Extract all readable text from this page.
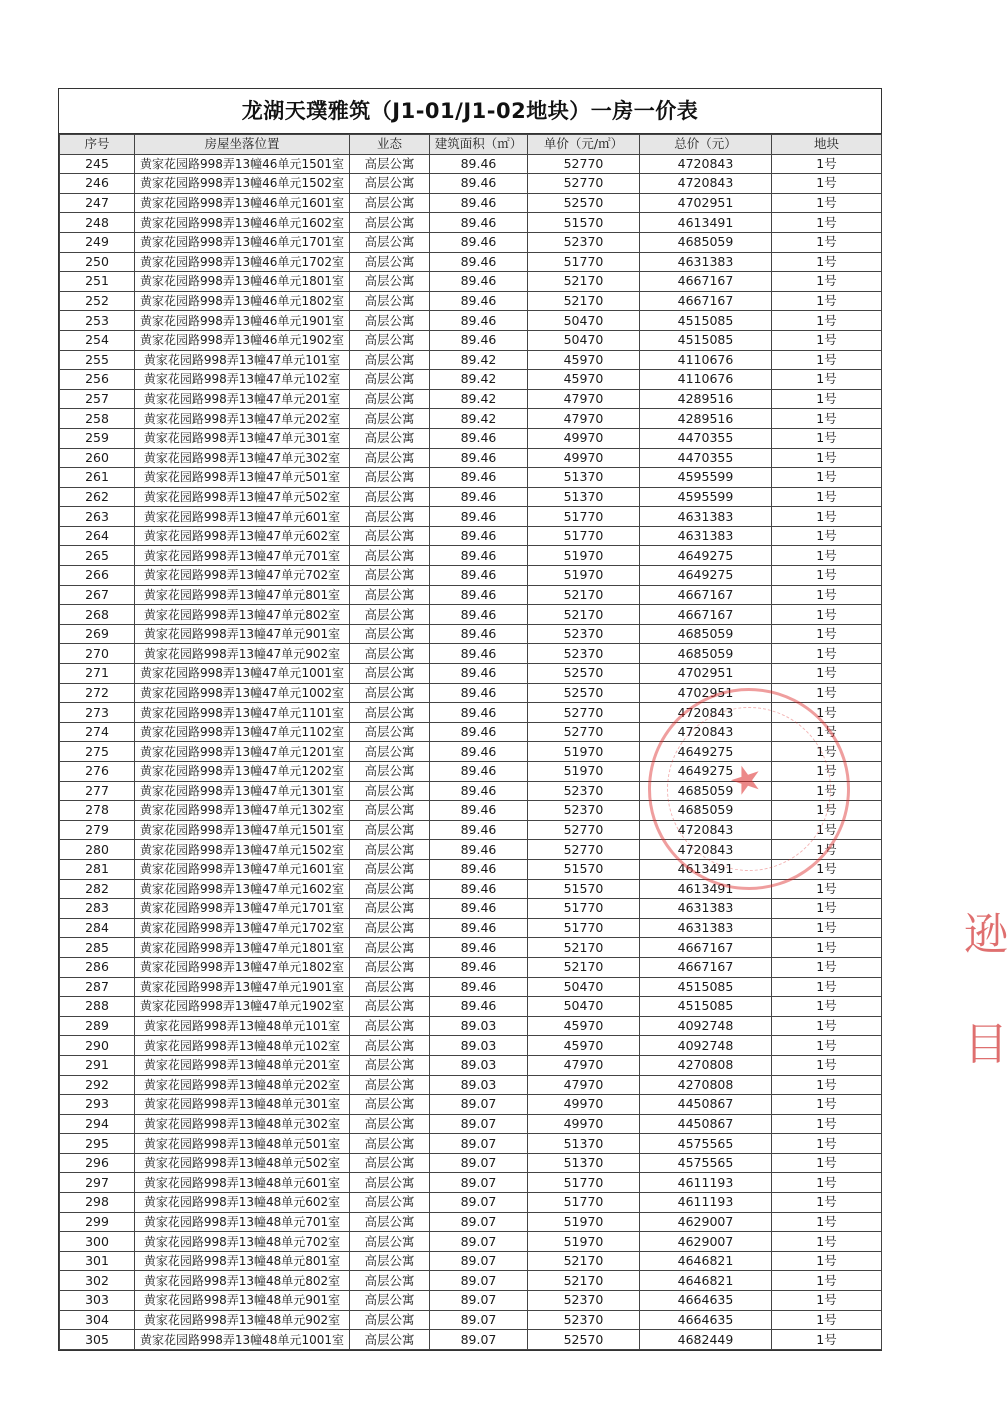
龙湖天璞雅筑（J1-01/J1-02地块）一房一价表
序号	房屋坐落位置	业态	建筑面积（㎡）	单价（元/㎡）	总价（元）	地块
245	黄家花园路998弄13幢46单元1501室	高层公寓	89.46	52770	4720843	1号
246	黄家花园路998弄13幢46单元1502室	高层公寓	89.46	52770	4720843	1号
247	黄家花园路998弄13幢46单元1601室	高层公寓	89.46	52570	4702951	1号
248	黄家花园路998弄13幢46单元1602室	高层公寓	89.46	51570	4613491	1号
249	黄家花园路998弄13幢46单元1701室	高层公寓	89.46	52370	4685059	1号
250	黄家花园路998弄13幢46单元1702室	高层公寓	89.46	51770	4631383	1号
251	黄家花园路998弄13幢46单元1801室	高层公寓	89.46	52170	4667167	1号
252	黄家花园路998弄13幢46单元1802室	高层公寓	89.46	52170	4667167	1号
253	黄家花园路998弄13幢46单元1901室	高层公寓	89.46	50470	4515085	1号
254	黄家花园路998弄13幢46单元1902室	高层公寓	89.46	50470	4515085	1号
255	黄家花园路998弄13幢47单元101室	高层公寓	89.42	45970	4110676	1号
256	黄家花园路998弄13幢47单元102室	高层公寓	89.42	45970	4110676	1号
257	黄家花园路998弄13幢47单元201室	高层公寓	89.42	47970	4289516	1号
258	黄家花园路998弄13幢47单元202室	高层公寓	89.42	47970	4289516	1号
259	黄家花园路998弄13幢47单元301室	高层公寓	89.46	49970	4470355	1号
260	黄家花园路998弄13幢47单元302室	高层公寓	89.46	49970	4470355	1号
261	黄家花园路998弄13幢47单元501室	高层公寓	89.46	51370	4595599	1号
262	黄家花园路998弄13幢47单元502室	高层公寓	89.46	51370	4595599	1号
263	黄家花园路998弄13幢47单元601室	高层公寓	89.46	51770	4631383	1号
264	黄家花园路998弄13幢47单元602室	高层公寓	89.46	51770	4631383	1号
265	黄家花园路998弄13幢47单元701室	高层公寓	89.46	51970	4649275	1号
266	黄家花园路998弄13幢47单元702室	高层公寓	89.46	51970	4649275	1号
267	黄家花园路998弄13幢47单元801室	高层公寓	89.46	52170	4667167	1号
268	黄家花园路998弄13幢47单元802室	高层公寓	89.46	52170	4667167	1号
269	黄家花园路998弄13幢47单元901室	高层公寓	89.46	52370	4685059	1号
270	黄家花园路998弄13幢47单元902室	高层公寓	89.46	52370	4685059	1号
271	黄家花园路998弄13幢47单元1001室	高层公寓	89.46	52570	4702951	1号
272	黄家花园路998弄13幢47单元1002室	高层公寓	89.46	52570	4702951	1号
273	黄家花园路998弄13幢47单元1101室	高层公寓	89.46	52770	4720843	1号
274	黄家花园路998弄13幢47单元1102室	高层公寓	89.46	52770	4720843	1号
275	黄家花园路998弄13幢47单元1201室	高层公寓	89.46	51970	4649275	1号
276	黄家花园路998弄13幢47单元1202室	高层公寓	89.46	51970	4649275	1号
277	黄家花园路998弄13幢47单元1301室	高层公寓	89.46	52370	4685059	1号
278	黄家花园路998弄13幢47单元1302室	高层公寓	89.46	52370	4685059	1号
279	黄家花园路998弄13幢47单元1501室	高层公寓	89.46	52770	4720843	1号
280	黄家花园路998弄13幢47单元1502室	高层公寓	89.46	52770	4720843	1号
281	黄家花园路998弄13幢47单元1601室	高层公寓	89.46	51570	4613491	1号
282	黄家花园路998弄13幢47单元1602室	高层公寓	89.46	51570	4613491	1号
283	黄家花园路998弄13幢47单元1701室	高层公寓	89.46	51770	4631383	1号
284	黄家花园路998弄13幢47单元1702室	高层公寓	89.46	51770	4631383	1号
285	黄家花园路998弄13幢47单元1801室	高层公寓	89.46	52170	4667167	1号
286	黄家花园路998弄13幢47单元1802室	高层公寓	89.46	52170	4667167	1号
287	黄家花园路998弄13幢47单元1901室	高层公寓	89.46	50470	4515085	1号
288	黄家花园路998弄13幢47单元1902室	高层公寓	89.46	50470	4515085	1号
289	黄家花园路998弄13幢48单元101室	高层公寓	89.03	45970	4092748	1号
290	黄家花园路998弄13幢48单元102室	高层公寓	89.03	45970	4092748	1号
291	黄家花园路998弄13幢48单元201室	高层公寓	89.03	47970	4270808	1号
292	黄家花园路998弄13幢48单元202室	高层公寓	89.03	47970	4270808	1号
293	黄家花园路998弄13幢48单元301室	高层公寓	89.07	49970	4450867	1号
294	黄家花园路998弄13幢48单元302室	高层公寓	89.07	49970	4450867	1号
295	黄家花园路998弄13幢48单元501室	高层公寓	89.07	51370	4575565	1号
296	黄家花园路998弄13幢48单元502室	高层公寓	89.07	51370	4575565	1号
297	黄家花园路998弄13幢48单元601室	高层公寓	89.07	51770	4611193	1号
298	黄家花园路998弄13幢48单元602室	高层公寓	89.07	51770	4611193	1号
299	黄家花园路998弄13幢48单元701室	高层公寓	89.07	51970	4629007	1号
300	黄家花园路998弄13幢48单元702室	高层公寓	89.07	51970	4629007	1号
301	黄家花园路998弄13幢48单元801室	高层公寓	89.07	52170	4646821	1号
302	黄家花园路998弄13幢48单元802室	高层公寓	89.07	52170	4646821	1号
303	黄家花园路998弄13幢48单元901室	高层公寓	89.07	52370	4664635	1号
304	黄家花园路998弄13幢48单元902室	高层公寓	89.07	52370	4664635	1号
305	黄家花园路998弄13幢48单元1001室	高层公寓	89.07	52570	4682449	1号
★
逊
目
